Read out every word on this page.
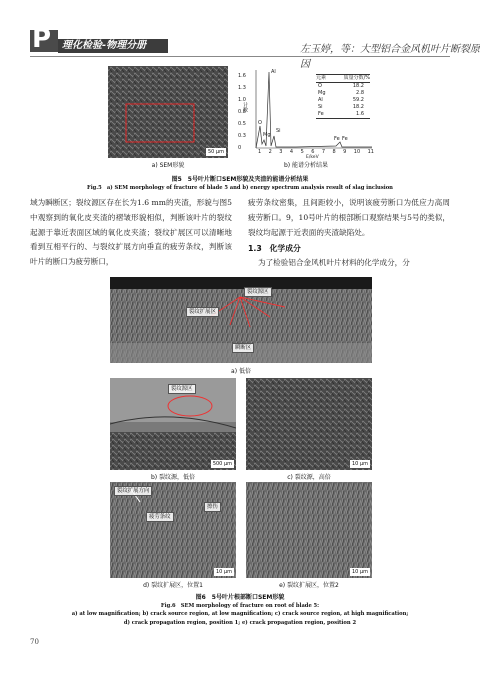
P 理化检验-物理分册	左玉婷，等：大型铝合金风机叶片断裂原因
50 μm
a) SEM形貌
1.6
1.3
1.0
0.8
0.5
0.3
0
计数
Al
O
Mg
Si
Fe Fe
1 2 3 4 5 6 7 8 9 10 11
E/keV
元素	质量分数/%
O	18.2
Mg	2.8
Al	59.2
Si	18.2
Fe	1.6
b) 能谱分析结果
图5　5号叶片断口SEM形貌及夹渣的能谱分析结果
Fig.5　a) SEM morphology of fracture of blade 5 and b) energy spectrum analysis result of slag inclusion
域为瞬断区；裂纹源区存在长为1.6 mm的夹渣，形貌与图5中观察到的氧化皮夹渣的褶皱形貌相似，判断该叶片的裂纹起源于靠近表面区域的氧化皮夹渣；裂纹扩展区可以清晰地看到互相平行的、与裂纹扩展方向垂直的疲劳条纹，判断该叶片的断口为疲劳断口，
疲劳条纹密集，且间距较小，说明该疲劳断口为低应力高周疲劳断口。9，10号叶片的根部断口观察结果与5号的类似，裂纹均起源于近表面的夹渣缺陷处。
1.3　化学成分
为了检验铝合金风机叶片材料的化学成分，分
裂纹源区
裂纹扩展区
瞬断区
a) 低倍
裂纹源区
500 μm
b) 裂纹源，低倍
10 μm
c) 裂纹源，高倍
裂纹扩展方向
疲劳条纹
擦伤
10 μm
d) 裂纹扩展区，位置1
10 μm
e) 裂纹扩展区，位置2
图6　5号叶片根部断口SEM形貌
Fig.6　SEM morphology of fracture on root of blade 5:
a) at low magnification; b) crack source region, at low magnification; c) crack source region, at high magnification;
d) crack propagation region, position 1; e) crack propagation region, position 2
70
